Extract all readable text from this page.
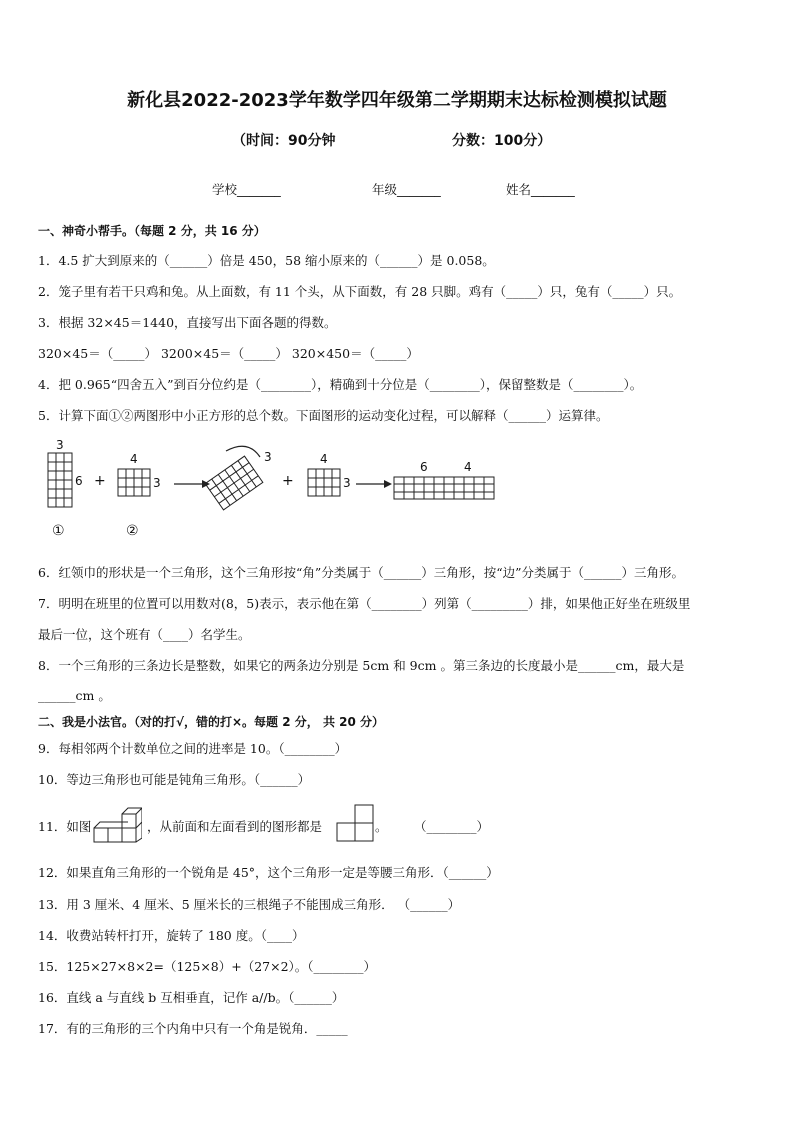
新化县2022-2023学年数学四年级第二学期期末达标检测模拟试题
（时间：90分钟	分数：100分）
学校_______	年级_______	姓名_______
一、神奇小帮手。（每题 2 分，共 16 分）
1．4.5 扩大到原来的（______）倍是 450，58 缩小原来的（______）是 0.058。
2．笼子里有若干只鸡和兔。从上面数，有 11 个头，从下面数，有 28 只脚。鸡有（_____）只，兔有（_____）只。
3．根据 32×45＝1440，直接写出下面各题的得数。
320×45＝（_____） 3200×45＝（_____） 320×450＝（_____）
4．把 0.965“四舍五入”到百分位约是（________），精确到十分位是（________），保留整数是（________）。
5．计算下面①②两图形中小正方形的总个数。下面图形的运动变化过程，可以解释（______）运算律。
3
6
①
+
4
3
②
3
+
4
3
6	4
6．红领巾的形状是一个三角形，这个三角形按“角”分类属于（______）三角形，按“边”分类属于（______）三角形。
7．明明在班里的位置可以用数对(8，5)表示，表示他在第（________）列第（_________）排，如果他正好坐在班级里
最后一位，这个班有（____）名学生。
8．一个三角形的三条边长是整数，如果它的两条边分别是 5cm 和 9cm 。第三条边的长度最小是______cm，最大是
______cm 。
二、我是小法官。（对的打√，错的打×。每题 2 分， 共 20 分）
9．每相邻两个计数单位之间的进率是 10。（________）
10．等边三角形也可能是钝角三角形。（______）
11．如图	，从前面和左面看到的图形都是	。 （________）
12．如果直角三角形的一个锐角是 45°，这个三角形一定是等腰三角形．（______）
13．用 3 厘米、4 厘米、5 厘米长的三根绳子不能围成三角形． （______）
14．收费站转杆打开，旋转了 180 度。（____）
15．125×27×8×2=（125×8）+（27×2）。（________）
16．直线 a 与直线 b 互相垂直，记作 a//b。（______）
17．有的三角形的三个内角中只有一个角是锐角．_____
